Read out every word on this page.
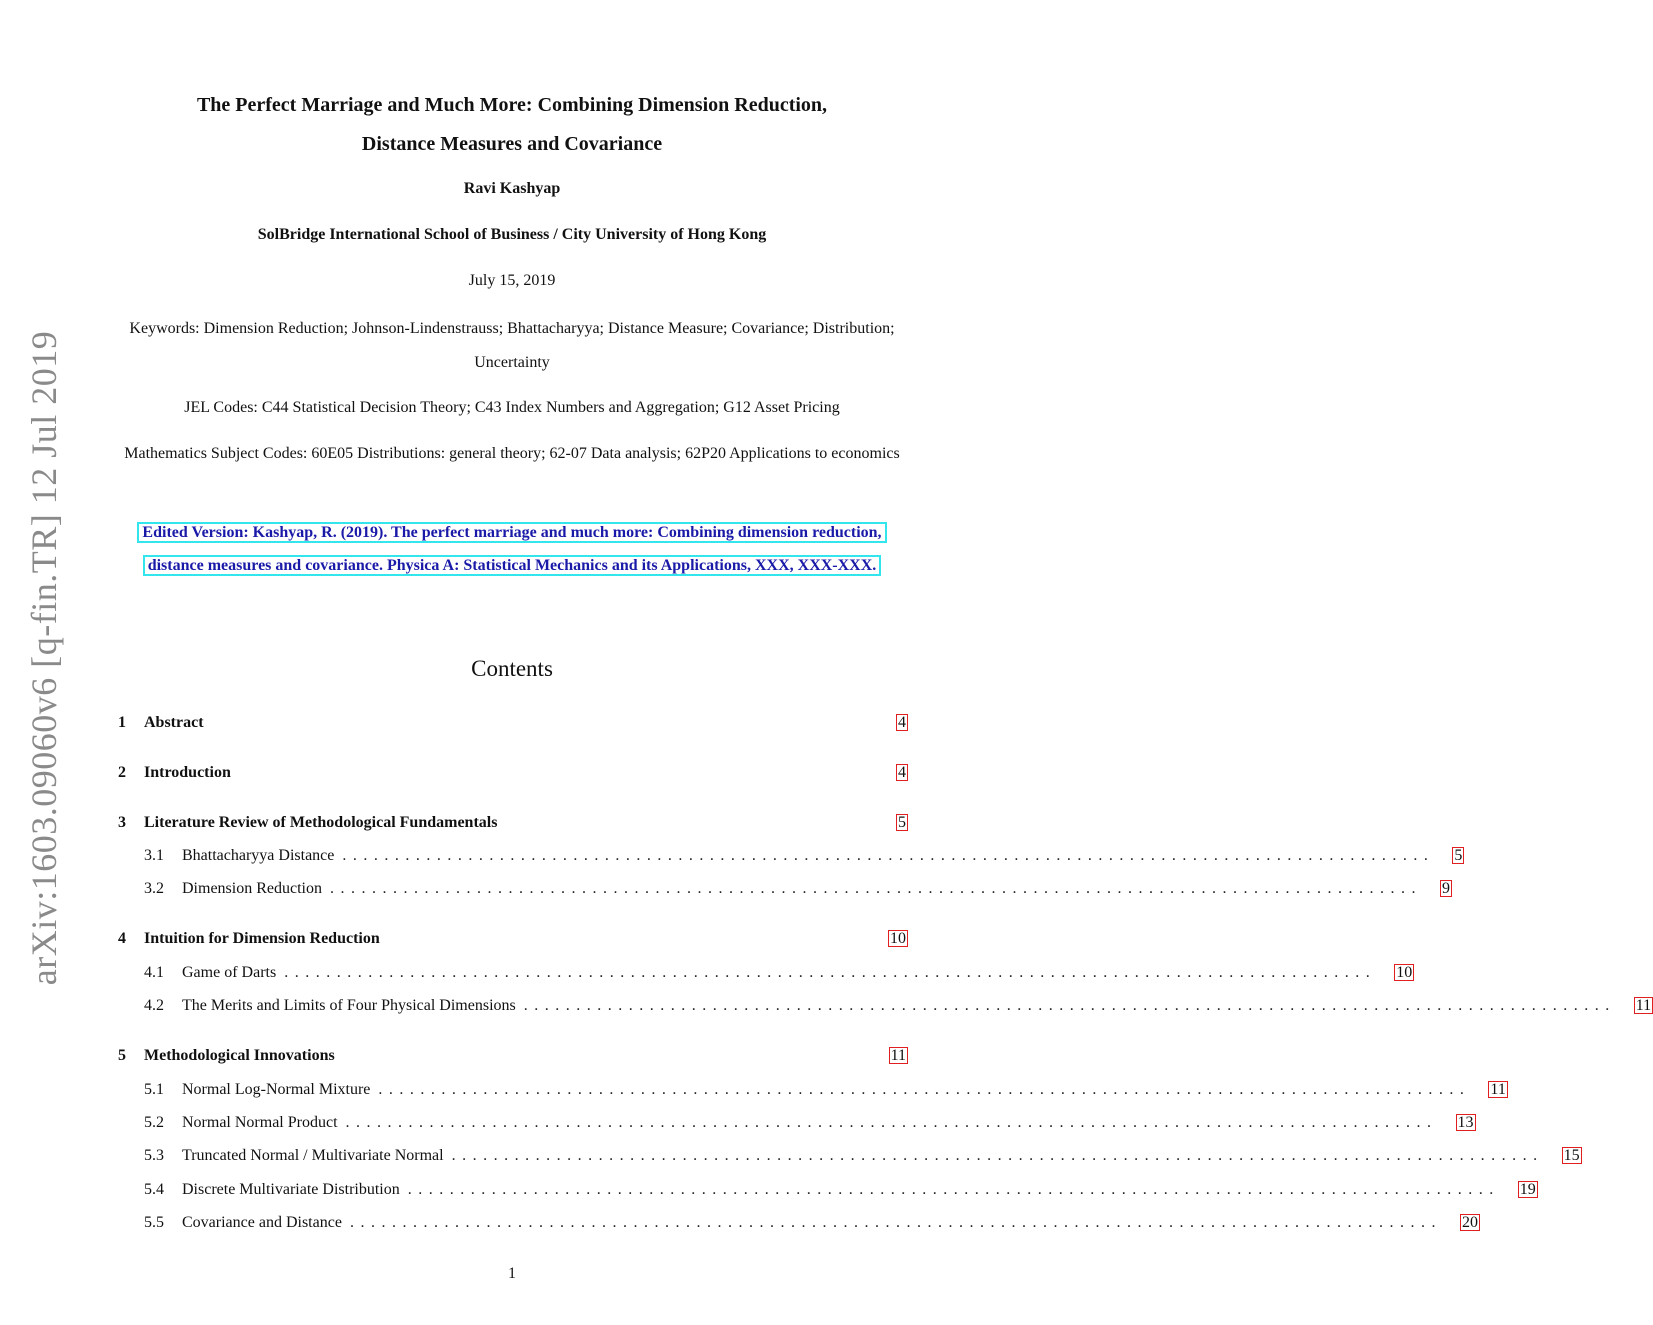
arXiv:1603.09060v6 [q-fin.TR] 12 Jul 2019
The Perfect Marriage and Much More: Combining Dimension Reduction,
Distance Measures and Covariance
Ravi Kashyap
SolBridge International School of Business / City University of Hong Kong
July 15, 2019
Keywords: Dimension Reduction; Johnson-Lindenstrauss; Bhattacharyya; Distance Measure; Covariance; Distribution; Uncertainty
JEL Codes: C44 Statistical Decision Theory; C43 Index Numbers and Aggregation; G12 Asset Pricing
Mathematics Subject Codes: 60E05 Distributions: general theory; 62-07 Data analysis; 62P20 Applications to economics
Edited Version: Kashyap, R. (2019). The perfect marriage and much more: Combining dimension reduction, distance measures and covariance. Physica A: Statistical Mechanics and its Applications, XXX, XXX-XXX.
Contents
1	Abstract	4
2	Introduction	4
3	Literature Review of Methodological Fundamentals	5
3.1	Bhattacharyya Distance ........................................................................................................ 5
3.2	Dimension Reduction ........................................................................................................ 9
4	Intuition for Dimension Reduction	10
4.1	Game of Darts ........................................................................................................ 10
4.2	The Merits and Limits of Four Physical Dimensions ........................................................................................................ 11
5	Methodological Innovations	11
5.1	Normal Log-Normal Mixture ........................................................................................................ 11
5.2	Normal Normal Product ........................................................................................................ 13
5.3	Truncated Normal / Multivariate Normal ........................................................................................................ 15
5.4	Discrete Multivariate Distribution ........................................................................................................ 19
5.5	Covariance and Distance ........................................................................................................ 20
1
